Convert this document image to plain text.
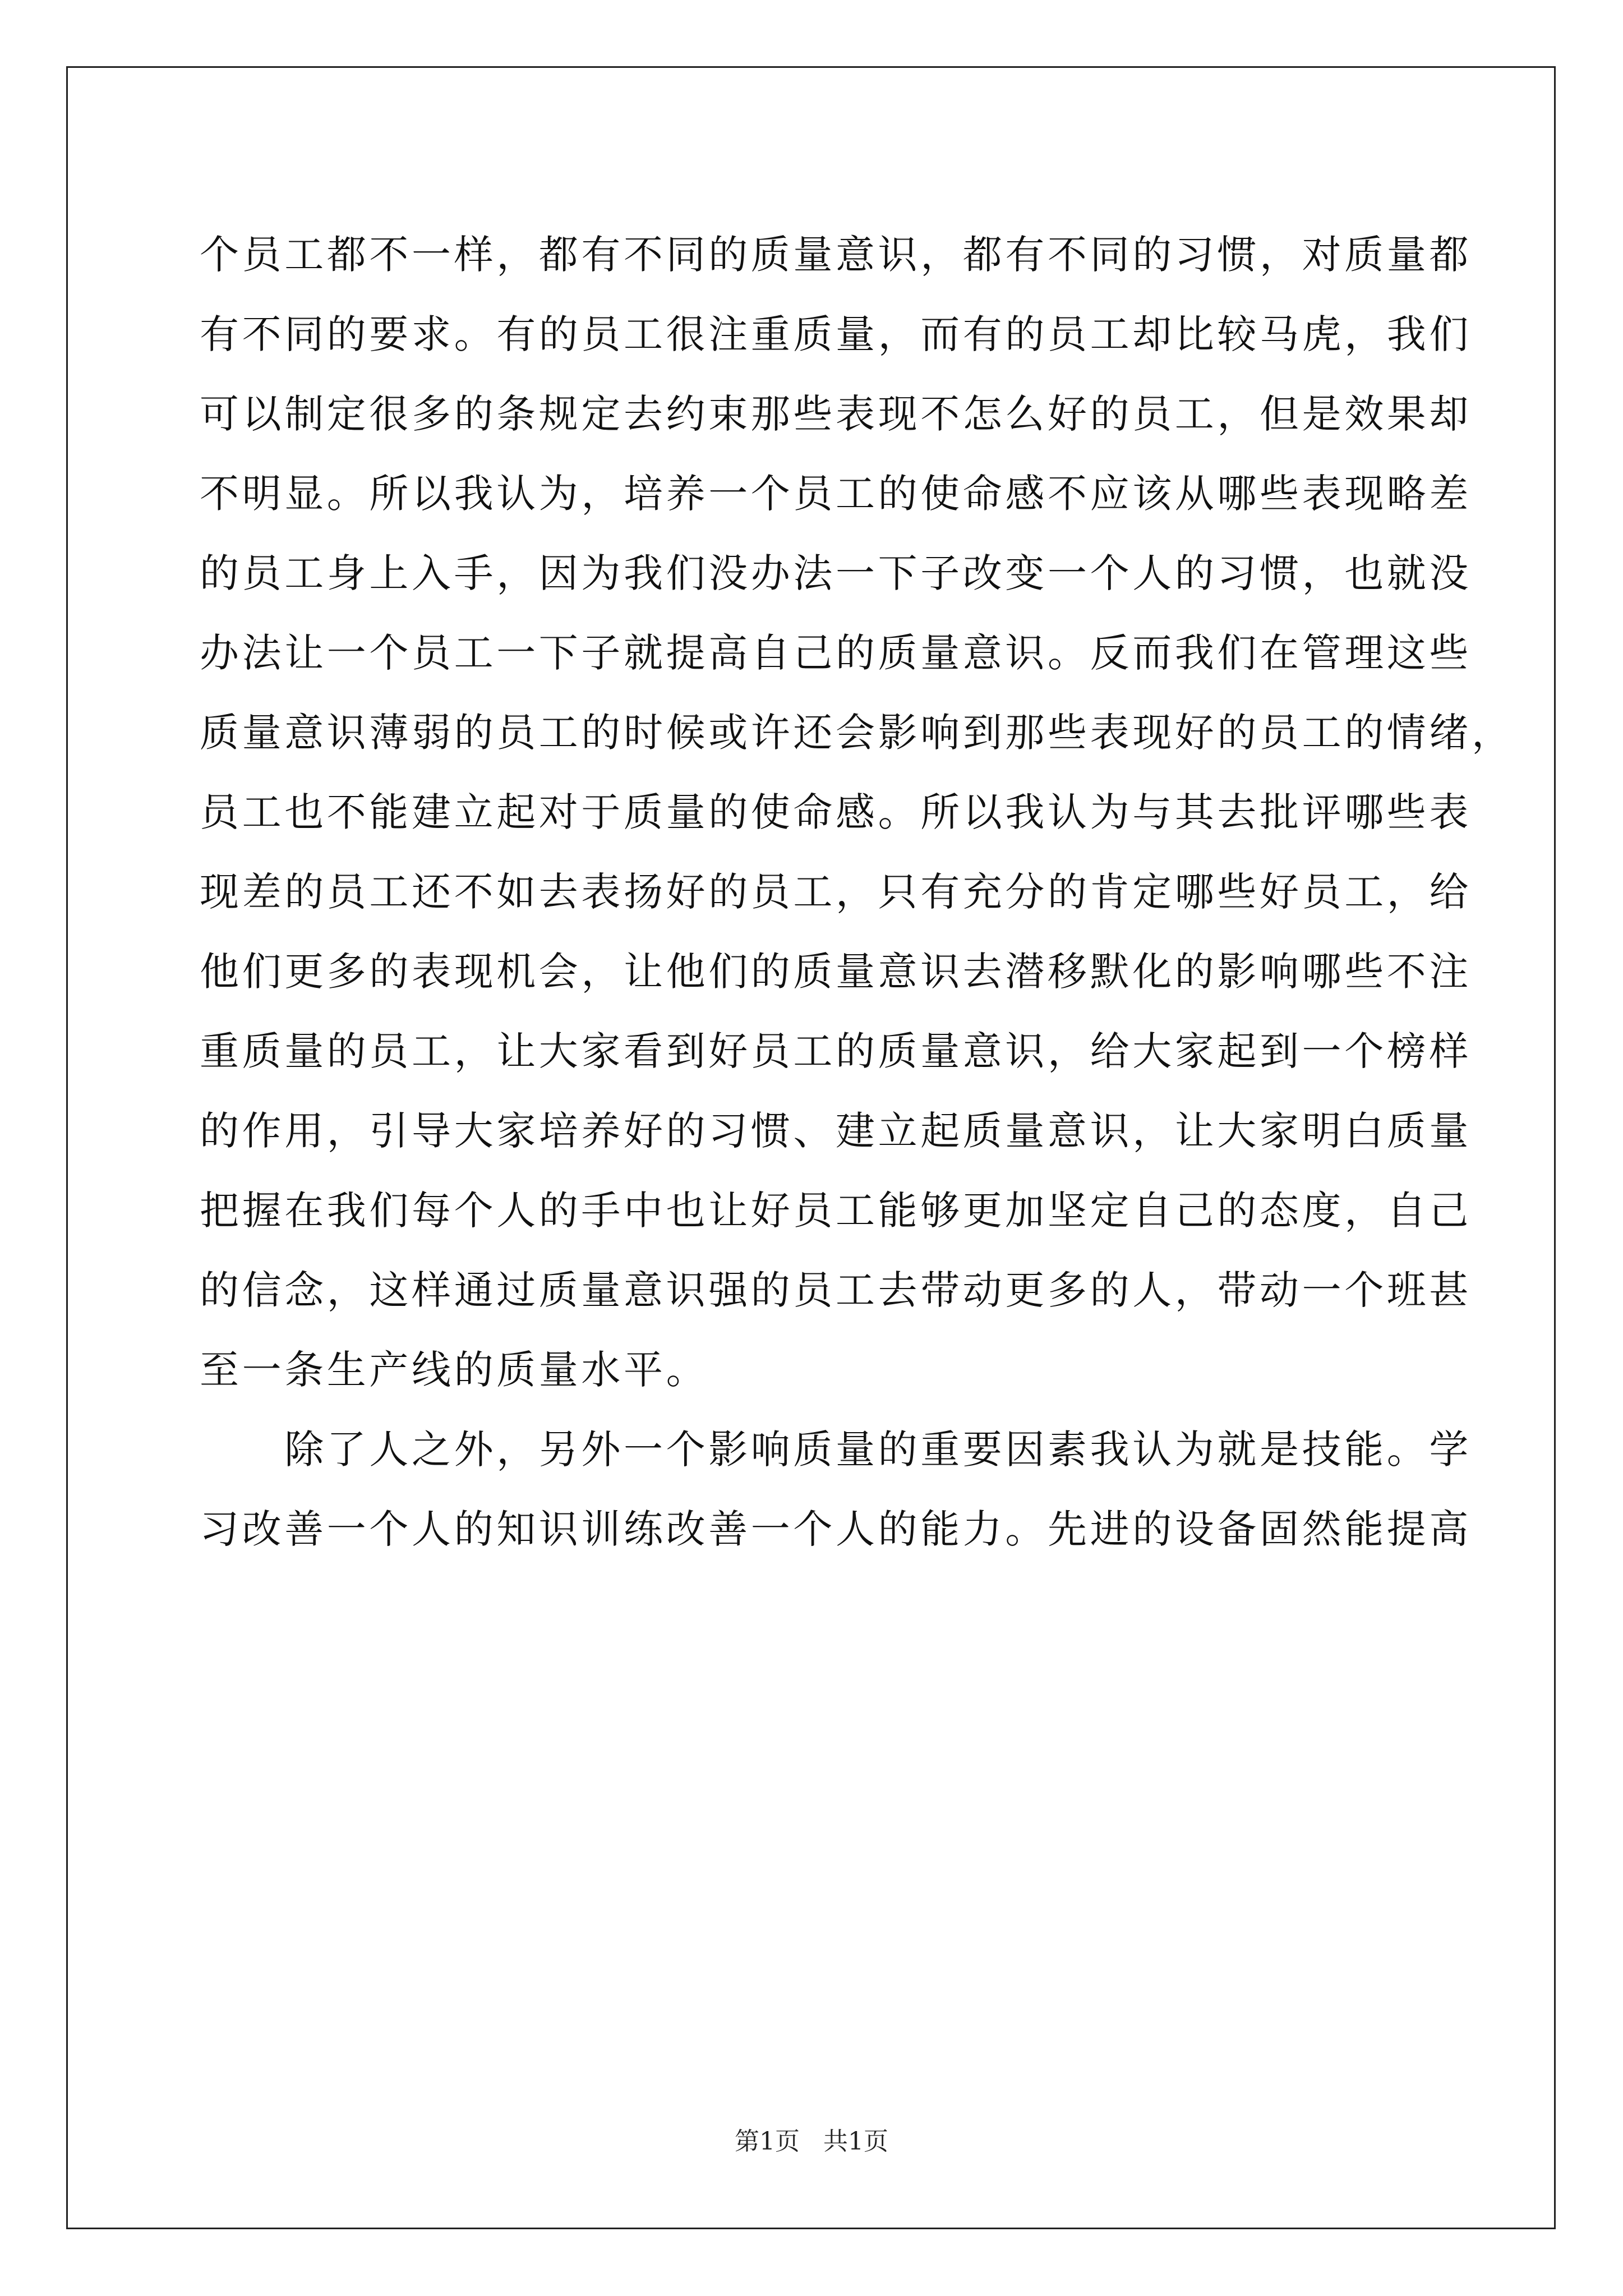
个员工都不一样，都有不同的质量意识，都有不同的习惯，对质量都
有不同的要求。有的员工很注重质量，而有的员工却比较马虎，我们
可以制定很多的条规定去约束那些表现不怎么好的员工，但是效果却
不明显。所以我认为，培养一个员工的使命感不应该从哪些表现略差
的员工身上入手，因为我们没办法一下子改变一个人的习惯，也就没
办法让一个员工一下子就提高自己的质量意识。反而我们在管理这些
质量意识薄弱的员工的时候或许还会影响到那些表现好的员工的情绪，
员工也不能建立起对于质量的使命感。所以我认为与其去批评哪些表
现差的员工还不如去表扬好的员工，只有充分的肯定哪些好员工，给
他们更多的表现机会，让他们的质量意识去潜移默化的影响哪些不注
重质量的员工，让大家看到好员工的质量意识，给大家起到一个榜样
的作用，引导大家培养好的习惯、建立起质量意识，让大家明白质量
把握在我们每个人的手中也让好员工能够更加坚定自己的态度，自己
的信念，这样通过质量意识强的员工去带动更多的人，带动一个班甚
至一条生产线的质量水平。
　　除了人之外，另外一个影响质量的重要因素我认为就是技能。学
习改善一个人的知识训练改善一个人的能力。先进的设备固然能提高
第1页   共1页
